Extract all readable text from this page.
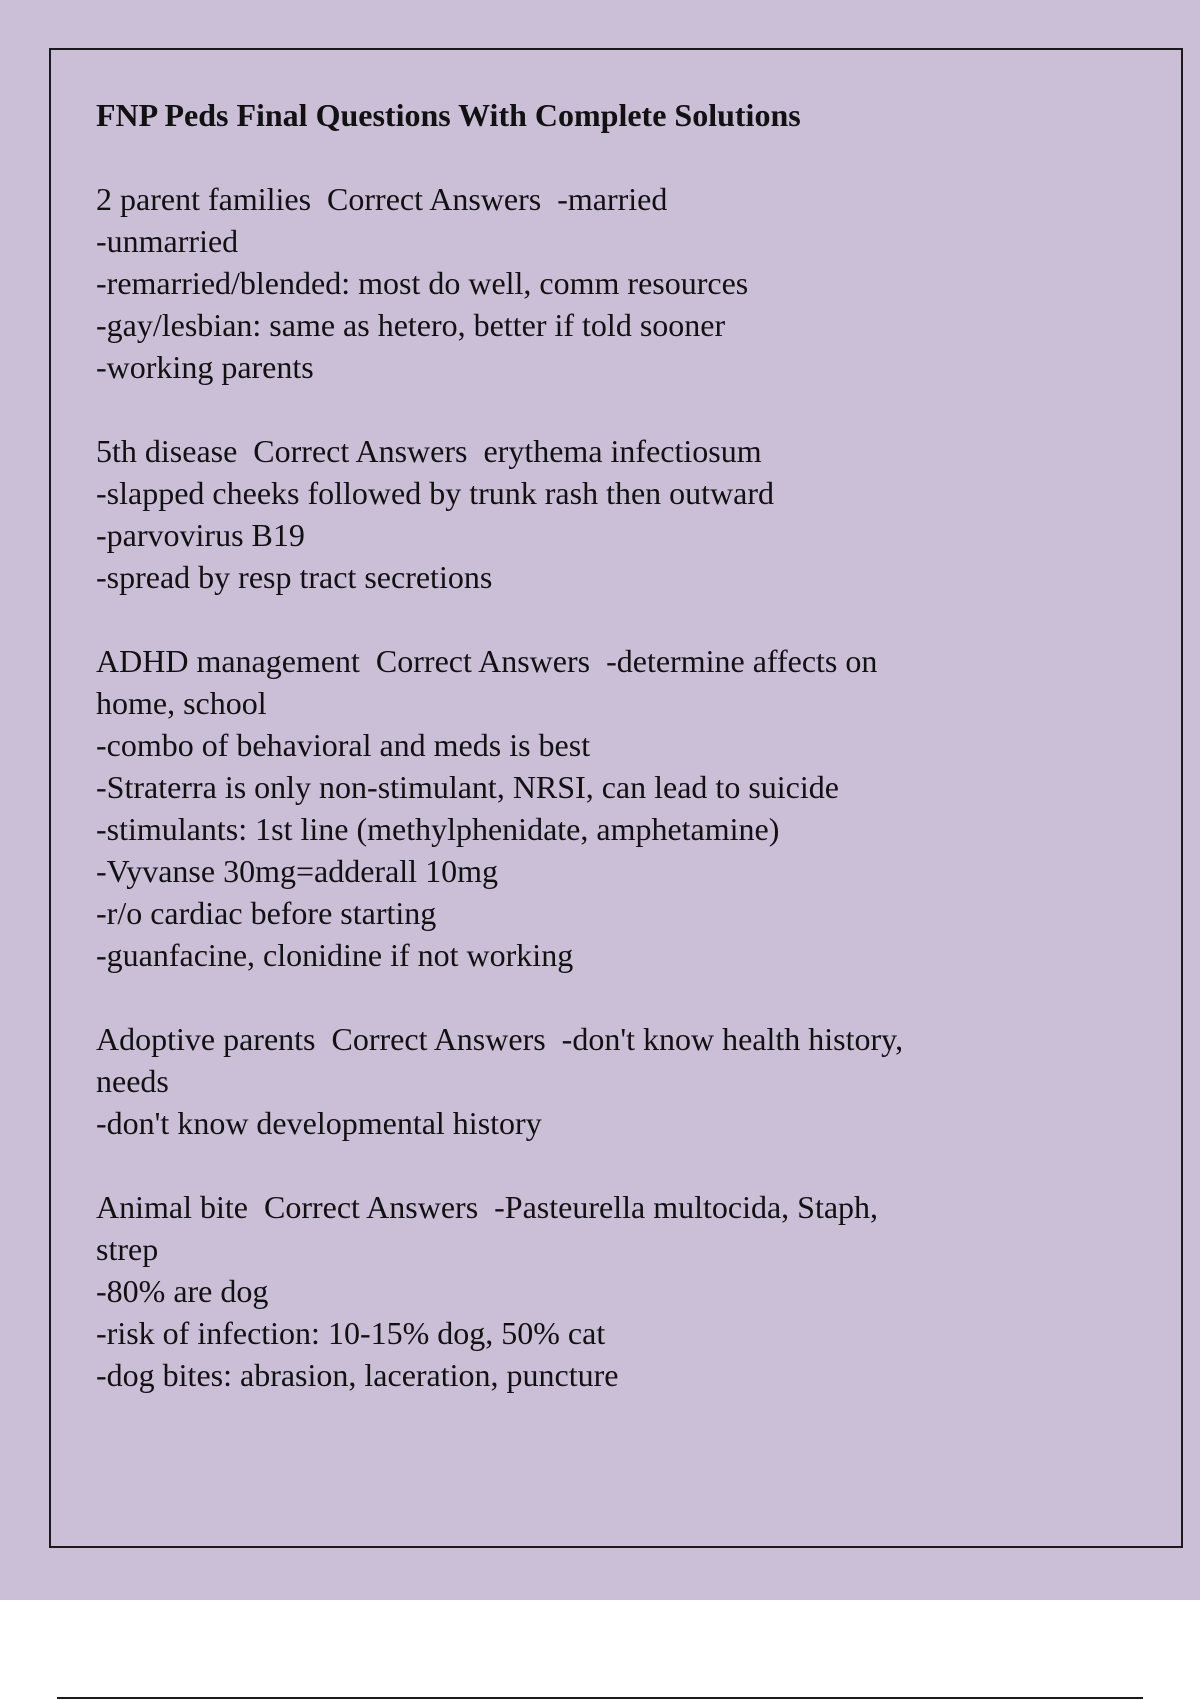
FNP Peds Final Questions With Complete Solutions
2 parent families  Correct Answers  -married
-unmarried
-remarried/blended: most do well, comm resources
-gay/lesbian: same as hetero, better if told sooner
-working parents
5th disease  Correct Answers  erythema infectiosum
-slapped cheeks followed by trunk rash then outward
-parvovirus B19
-spread by resp tract secretions
ADHD management  Correct Answers  -determine affects on
home, school
-combo of behavioral and meds is best
-Straterra is only non-stimulant, NRSI, can lead to suicide
-stimulants: 1st line (methylphenidate, amphetamine)
-Vyvanse 30mg=adderall 10mg
-r/o cardiac before starting
-guanfacine, clonidine if not working
Adoptive parents  Correct Answers  -don't know health history,
needs
-don't know developmental history
Animal bite  Correct Answers  -Pasteurella multocida, Staph,
strep
-80% are dog
-risk of infection: 10-15% dog, 50% cat
-dog bites: abrasion, laceration, puncture
